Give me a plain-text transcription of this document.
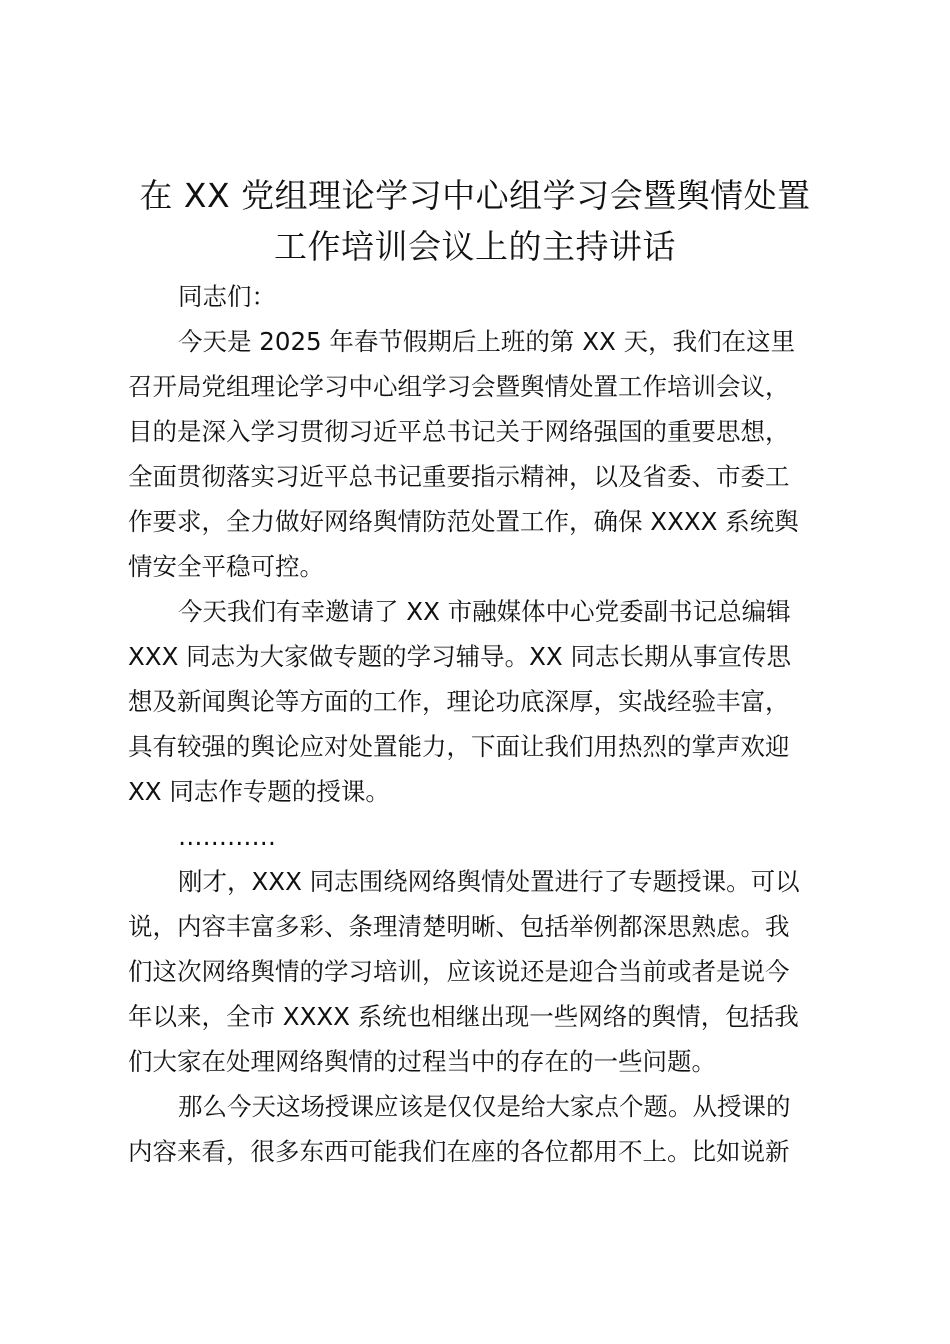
在 XX 党组理论学习中心组学习会暨舆情处置
工作培训会议上的主持讲话

同志们：

今天是 2025 年春节假期后上班的第 XX 天，我们在这里

召开局党组理论学习中心组学习会暨舆情处置工作培训会议，

目的是深入学习贯彻习近平总书记关于网络强国的重要思想，

全面贯彻落实习近平总书记重要指示精神，以及省委、市委工

作要求，全力做好网络舆情防范处置工作，确保 XXXX 系统舆

情安全平稳可控。

今天我们有幸邀请了 XX 市融媒体中心党委副书记总编辑

XXX 同志为大家做专题的学习辅导。XX 同志长期从事宣传思

想及新闻舆论等方面的工作，理论功底深厚，实战经验丰富，

具有较强的舆论应对处置能力，下面让我们用热烈的掌声欢迎

XX 同志作专题的授课。

…………

刚才，XXX 同志围绕网络舆情处置进行了专题授课。可以

说，内容丰富多彩、条理清楚明晰、包括举例都深思熟虑。我

们这次网络舆情的学习培训，应该说还是迎合当前或者是说今

年以来，全市 XXXX 系统也相继出现一些网络的舆情，包括我

们大家在处理网络舆情的过程当中的存在的一些问题。

那么今天这场授课应该是仅仅是给大家点个题。从授课的

内容来看，很多东西可能我们在座的各位都用不上。比如说新
